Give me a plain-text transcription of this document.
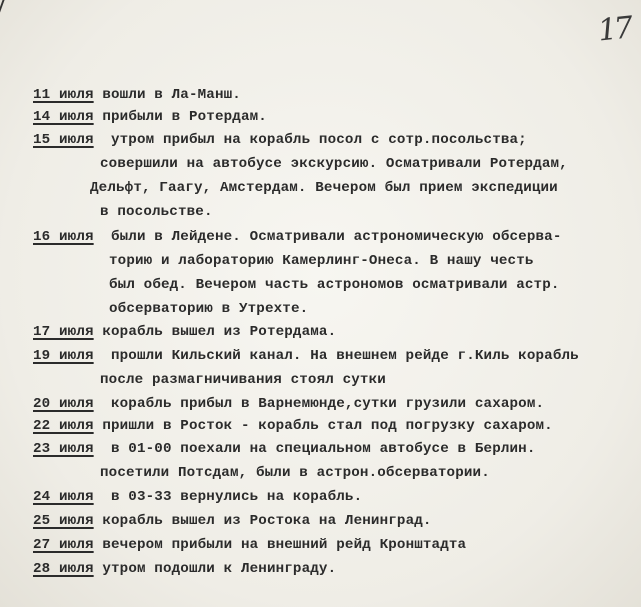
17
11 июля вошли в Ла-Манш.
14 июля прибыли в Ротердам.
15 июля утром прибыл на корабль посол с сотр.посольства;
совершили на автобусе экскурсию. Осматривали Ротердам,
Дельфт, Гаагу, Амстердам. Вечером был прием экспедиции
в посольстве.
16 июля были в Лейдене. Осматривали астрономическую обсерва-
торию и лабораторию Камерлинг-Онеса. В нашу честь
был обед. Вечером часть астрономов осматривали астр.
обсерваторию в Утрехте.
17 июля корабль вышел из Ротердама.
19 июля прошли Кильский канал. На внешнем рейде г.Киль корабль
после размагничивания стоял сутки
20 июля корабль прибыл в Варнемюнде,сутки грузили сахаром.
22 июля пришли в Росток - корабль стал под погрузку сахаром.
23 июля в 01-00 поехали на специальном автобусе в Берлин.
посетили Потсдам, были в астрон.обсерватории.
24 июля в 03-33 вернулись на корабль.
25 июля корабль вышел из Ростока на Ленинград.
27 июля вечером прибыли на внешний рейд Кронштадта
28 июля утром подошли к Ленинграду.
